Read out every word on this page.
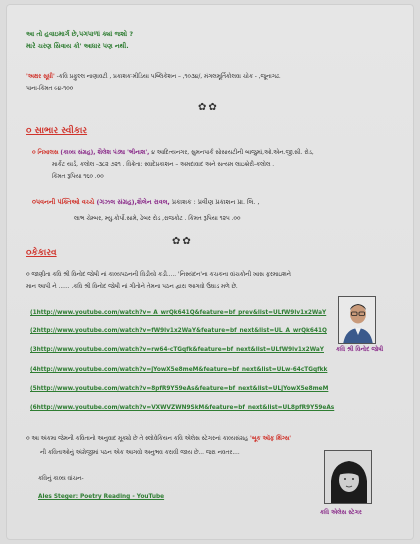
આ તો હવાઇમાર્ગ છે,પગપાળાં ક્યાં જશો ?
મારે ચરણ સિવાય કો' આધાર પણ નથી.
'અક્ષર સૂધી' -કવિ પ્રફુલ્લ નાણાવટી , પ્રકાશકઃમીડિયા પબ્લિકેશન – ,૧૦૩૪/, મંગલમૂર્તિકોલવા ચોક - ,જૂનાગઢ.
પાના-કિંમત ૯૪-૧૦૦
✿✿
૦ સાભાર સ્વીકાર
૦ નિખાલસ (કાવ્ય સંગ્રહ), શૈલેશ પંડ્યા 'ભીનાશ', ૪ આદિત્યનગર, સુમનપાર્ક સોસાયટીની બાજુમાં,ઓ.એન.જી.સી. રોડ,
માર્કેટ યાર્ડ, કલોલ -૩૮૨ ૭૨૧ . વિક્રેતા: સ્વાદેપ્રકાશન – અમદાવાદ અને સત્યમ લાઇબ્રેરી-કલોલ .
કિંમત રૂપિયા ૧૬૦ .૦૦
૦પવનની પંક્તિઓ વચ્ચે (ગઝલ સંગ્રહ),શૈલેન રાવલ, પ્રકાશક : પ્રવીણ પ્રકાશન પ્રા. લિ. ,
લાભ ચેમ્બર, મ્યુ.કોર્પો.સામે, ઢેબર રોડ ,રાજકોટ . કિંમત રૂપિયા ૧૨૫ .૦૦
✿✿
૦કેકારવ
૦ જાણીતા કવિ શ્રી વિનોદ જોષી નાં કાવ્યપઠનની વિડીયો કડી..... 'નિસ્યંદન'ના કચકના વાંચકોની ખાસ ફરમાઇશને
માન આપી ને ...... .કવિ શ્રી વિનોદ જોષી નાં ગીતોને તેમના પઠન દ્વારા આગવો ઉઘાડ મળે છે.
(1http://www.youtube.com/watch?v= A_wrQk641Q&feature=bf_prev&list=ULfW9lv1x2WaY
(2http://www.youtube.com/watch?v=fW9lv1x2WaY&feature=bf_next&list=UL_A_wrQk641Q
(3http://www.youtube.com/watch?v=rw64-cTGqfk&feature=bf_next&list=ULfW9lv1x2WaY કવિ શ્રી વિનોદ જોષી
(4http://www.youtube.com/watch?v=jYowX5e8meM&feature=bf_next&list=ULw-64cTGqfkk
(5http://www.youtube.com/watch?v=8pfR9Y59eAs&feature=bf_next&list=ULjYowX5e8meM
(6http://www.youtube.com/watch?v=VXWVZWN9SkM&feature=bf_next&list=UL8pfR9Y59eAs
૦ આ અંકમા જેમની કવિતાનો અનુવાદ મૂક્યો છે તે સ્લોવેકિયન કવિ એલેસ સ્ટેગરનાં કાવ્યસંગ્રહ 'બૂક ઑફ થિંગ્સ'
ની કવિતાઓનું અંગ્રેજીમાં પઠન એક આગવો અનુભવ કરાવી જાય છે... જરા નવતર....
કવિનું કાવ્ય વાંચન-
Ales Steger: Poetry Reading - YouTube
કવિ એલેસ સ્ટેગર
